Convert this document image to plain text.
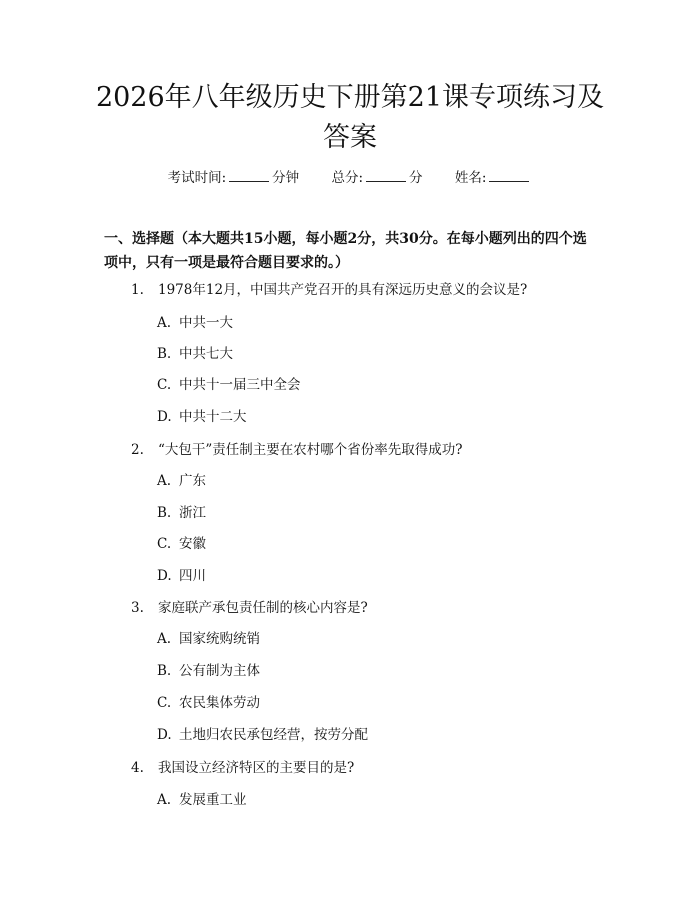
2026年八年级历史下册第21课专项练习及
答案
考试时间:	分钟 总分:	分 姓名:
一、选择题（本大题共15小题，每小题2分，共30分。在每小题列出的四个选
项中，只有一项是最符合题目要求的。）
1. 1978年12月，中国共产党召开的具有深远历史意义的会议是?
A. 中共一大
B. 中共七大
C. 中共十一届三中全会
D. 中共十二大
2. “大包干”责任制主要在农村哪个省份率先取得成功?
A. 广东
B. 浙江
C. 安徽
D. 四川
3. 家庭联产承包责任制的核心内容是?
A. 国家统购统销
B. 公有制为主体
C. 农民集体劳动
D. 土地归农民承包经营，按劳分配
4. 我国设立经济特区的主要目的是?
A. 发展重工业
